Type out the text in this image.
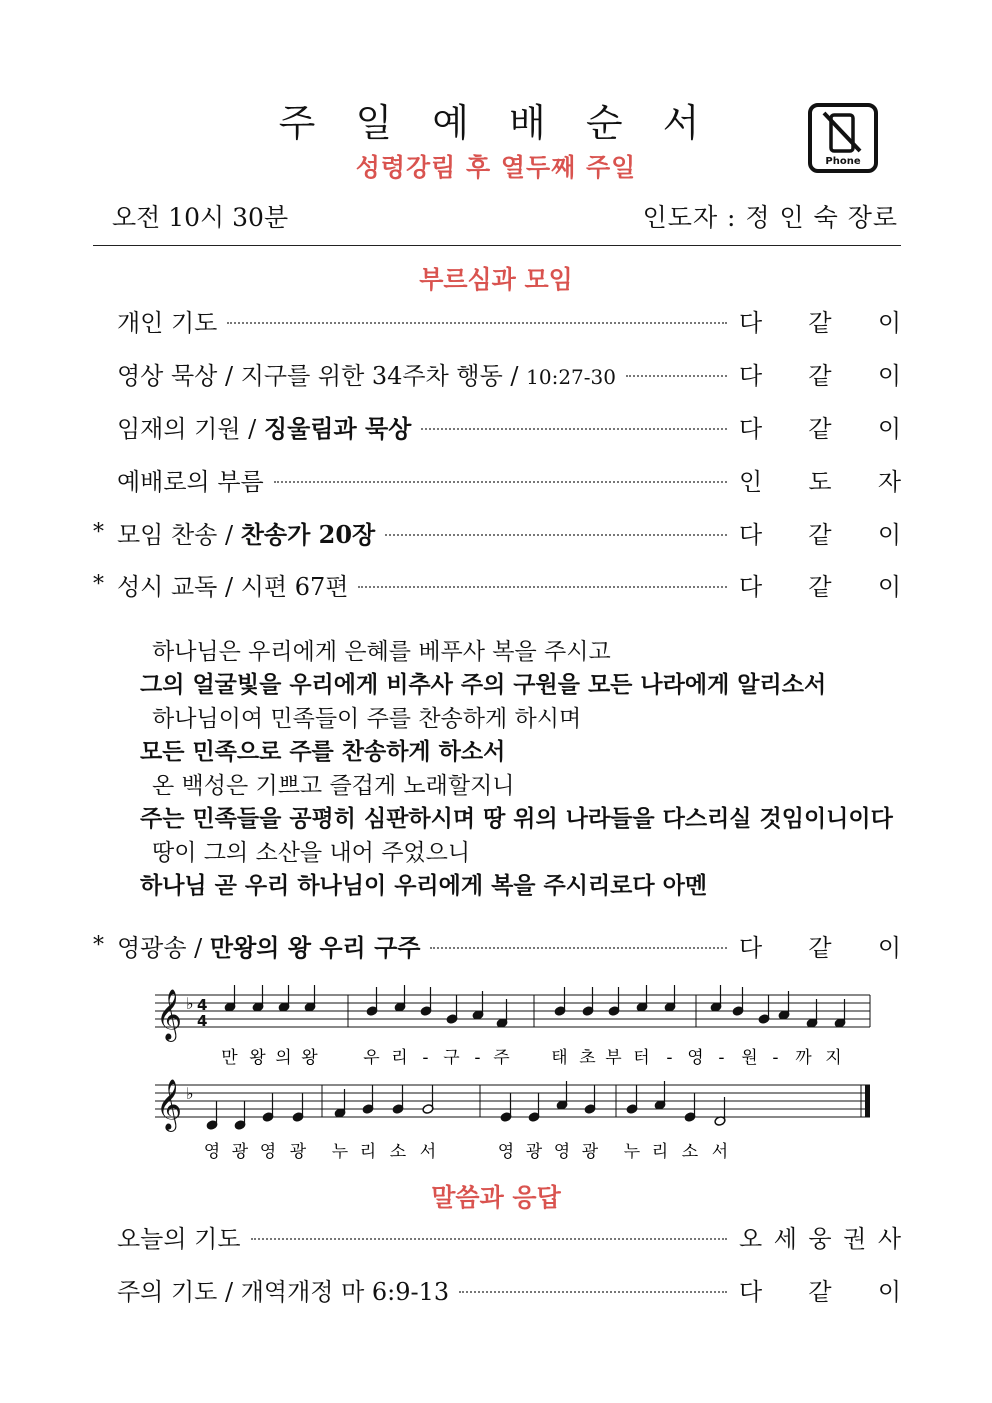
주 일 예 배 순 서
성령강림 후 열두째 주일	Phone
오전 10시 30분	인도자 : 정 인 숙 장로
부르심과 모임
개인 기도	다 같 이
영상 묵상 / 지구를 위한 34주차 행동 / 10:27-30	다 같 이
임재의 기원 / 징울림과 묵상	다 같 이
예배로의 부름	인 도 자
* 모임 찬송 / 찬송가 20장	다 같 이
* 성시 교독 / 시편 67편	다 같 이
하나님은 우리에게 은혜를 베푸사 복을 주시고
그의 얼굴빛을 우리에게 비추사 주의 구원을 모든 나라에게 알리소서
하나님이여 민족들이 주를 찬송하게 하시며
모든 민족으로 주를 찬송하게 하소서
온 백성은 기쁘고 즐겁게 노래할지니
주는 민족들을 공평히 심판하시며 땅 위의 나라들을 다스리실 것임이니이다
땅이 그의 소산을 내어 주었으니
하나님 곧 우리 하나님이 우리에게 복을 주시리로다 아멘
* 영광송 / 만왕의 왕 우리 구주	다 같 이
𝄞
𝄞
♭
♭
4
4
만 왕 의 왕	우 리 - 구 - 주 태 초 부 터 - 영 - 원 - 까 지
영 광 영 광 누 리 소 서	영 광 영 광 누 리 소 서
말씀과 응답
오늘의 기도	오 세 웅 권 사
주의 기도 / 개역개정 마 6:9-13	다 같 이
